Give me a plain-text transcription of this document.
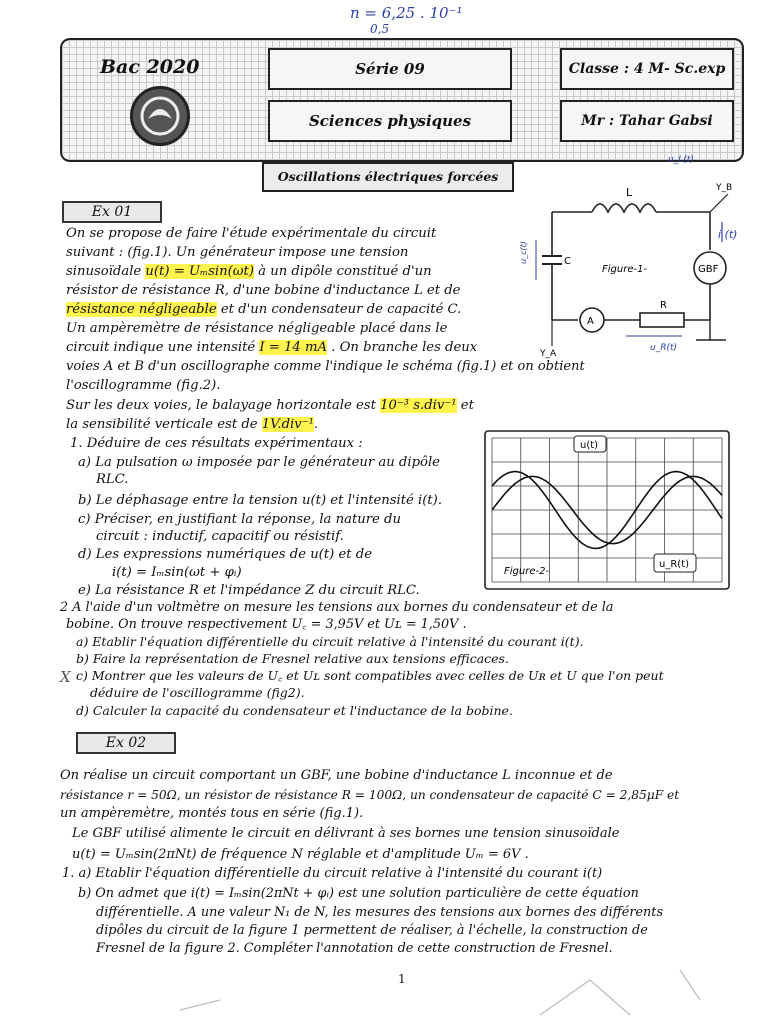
n = 6,25 . 10⁻¹
0,5
Bac 2020	Série 09
Sciences physiques
Classe : 4 M- Sc.exp
Mr : Tahar Gabsi
Oscillations électriques forcées
Ex 01
On se propose de faire l'étude expérimentale du circuit
suivant : (fig.1). Un générateur impose une tension
sinusoïdale u(t) = Uₘsin(ωt) à un dipôle constitué d'un
résistor de résistance R, d'une bobine d'inductance L et de
résistance négligeable et d'un condensateur de capacité C.
Un ampèremètre de résistance négligeable placé dans le
circuit indique une intensité I = 14 mA . On branche les deux
voies A et B d'un oscillographe comme l'indique le schéma (fig.1) et on obtient
l'oscillogramme (fig.2).
Sur les deux voies, le balayage horizontale est 10⁻³ s.div⁻¹ et
la sensibilité verticale est de 1V.div⁻¹.
1. Déduire de ces résultats expérimentaux :
a) La pulsation ω imposée par le générateur au dipôle
RLC.
b) Le déphasage entre la tension u(t) et l'intensité i(t).
c) Préciser, en justifiant la réponse, la nature du
circuit : inductif, capacitif ou résistif.
d) Les expressions numériques de u(t) et de
i(t) = Iₘsin(ωt + φᵢ)
e) La résistance R et l'impédance Z du circuit RLC.
2 A l'aide d'un voltmètre on mesure les tensions aux bornes du condensateur et de la
bobine. On trouve respectivement U꜀ = 3,95V et Uʟ = 1,50V .
a) Etablir l'équation différentielle du circuit relative à l'intensité du courant i(t).
b) Faire la représentation de Fresnel relative aux tensions efficaces.
c) Montrer que les valeurs de U꜀ et Uʟ sont compatibles avec celles de Uʀ et U que l'on peut
déduire de l'oscillogramme (fig2).
d) Calculer la capacité du condensateur et l'inductance de la bobine.
X
L
C
R
A
GBF
Figure-1-
Y_B
Y_A
i (t)
u_c(t)
u_L(t)
u_R(t)
u(t)
u_R(t)
Figure-2-
Ex 02
On réalise un circuit comportant un GBF, une bobine d'inductance L inconnue et de
résistance r = 50Ω, un résistor de résistance R = 100Ω, un condensateur de capacité C = 2,85μF et
un ampèremètre, montés tous en série (fig.1).
Le GBF utilisé alimente le circuit en délivrant à ses bornes une tension sinusoïdale
u(t) = Uₘsin(2πNt) de fréquence N réglable et d'amplitude Uₘ = 6V .
1. a) Etablir l'équation différentielle du circuit relative à l'intensité du courant i(t)
b) On admet que i(t) = Iₘsin(2πNt + φᵢ) est une solution particulière de cette équation
différentielle. A une valeur N₁ de N, les mesures des tensions aux bornes des différents
dipôles du circuit de la figure 1 permettent de réaliser, à l'échelle, la construction de
Fresnel de la figure 2. Compléter l'annotation de cette construction de Fresnel.
1
